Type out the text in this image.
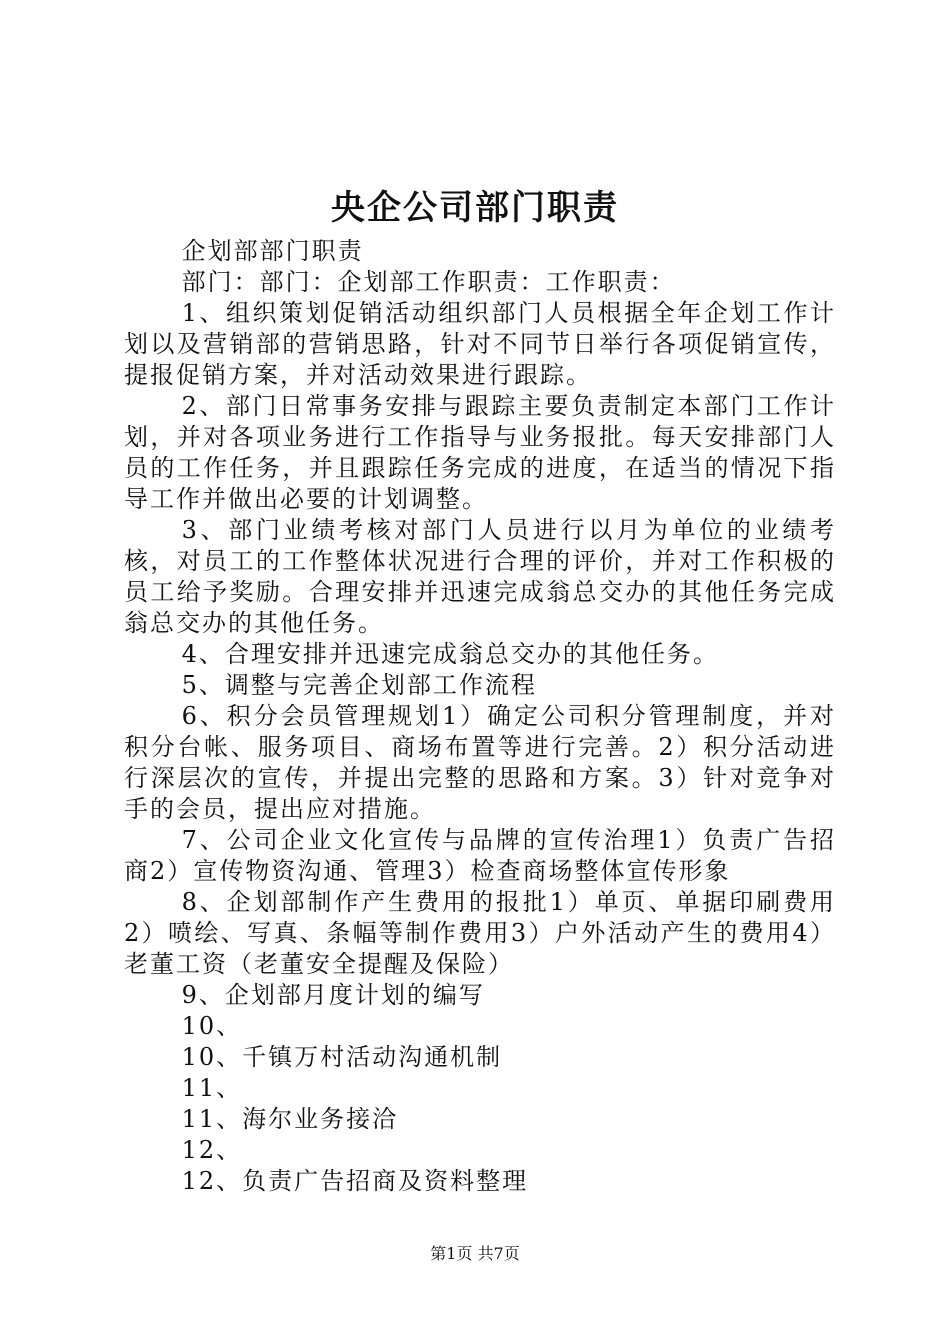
央企公司部门职责

企划部部门职责

部门：部门：企划部工作职责：工作职责：

1、组织策划促销活动组织部门人员根据全年企划工作计划以及营销部的营销思路，针对不同节日举行各项促销宣传，提报促销方案，并对活动效果进行跟踪。

2、部门日常事务安排与跟踪主要负责制定本部门工作计划，并对各项业务进行工作指导与业务报批。每天安排部门人员的工作任务，并且跟踪任务完成的进度，在适当的情况下指导工作并做出必要的计划调整。

3、部门业绩考核对部门人员进行以月为单位的业绩考核，对员工的工作整体状况进行合理的评价，并对工作积极的员工给予奖励。合理安排并迅速完成翁总交办的其他任务完成翁总交办的其他任务。

4、合理安排并迅速完成翁总交办的其他任务。

5、调整与完善企划部工作流程

6、积分会员管理规划1）确定公司积分管理制度，并对积分台帐、服务项目、商场布置等进行完善。2）积分活动进行深层次的宣传，并提出完整的思路和方案。3）针对竞争对手的会员，提出应对措施。

7、公司企业文化宣传与品牌的宣传治理1）负责广告招商2）宣传物资沟通、管理3）检查商场整体宣传形象

8、企划部制作产生费用的报批1）单页、单据印刷费用2）喷绘、写真、条幅等制作费用3）户外活动产生的费用4）老董工资（老董安全提醒及保险）

9、企划部月度计划的编写

10、

10、千镇万村活动沟通机制

11、

11、海尔业务接洽

12、

12、负责广告招商及资料整理

第1页 共7页
